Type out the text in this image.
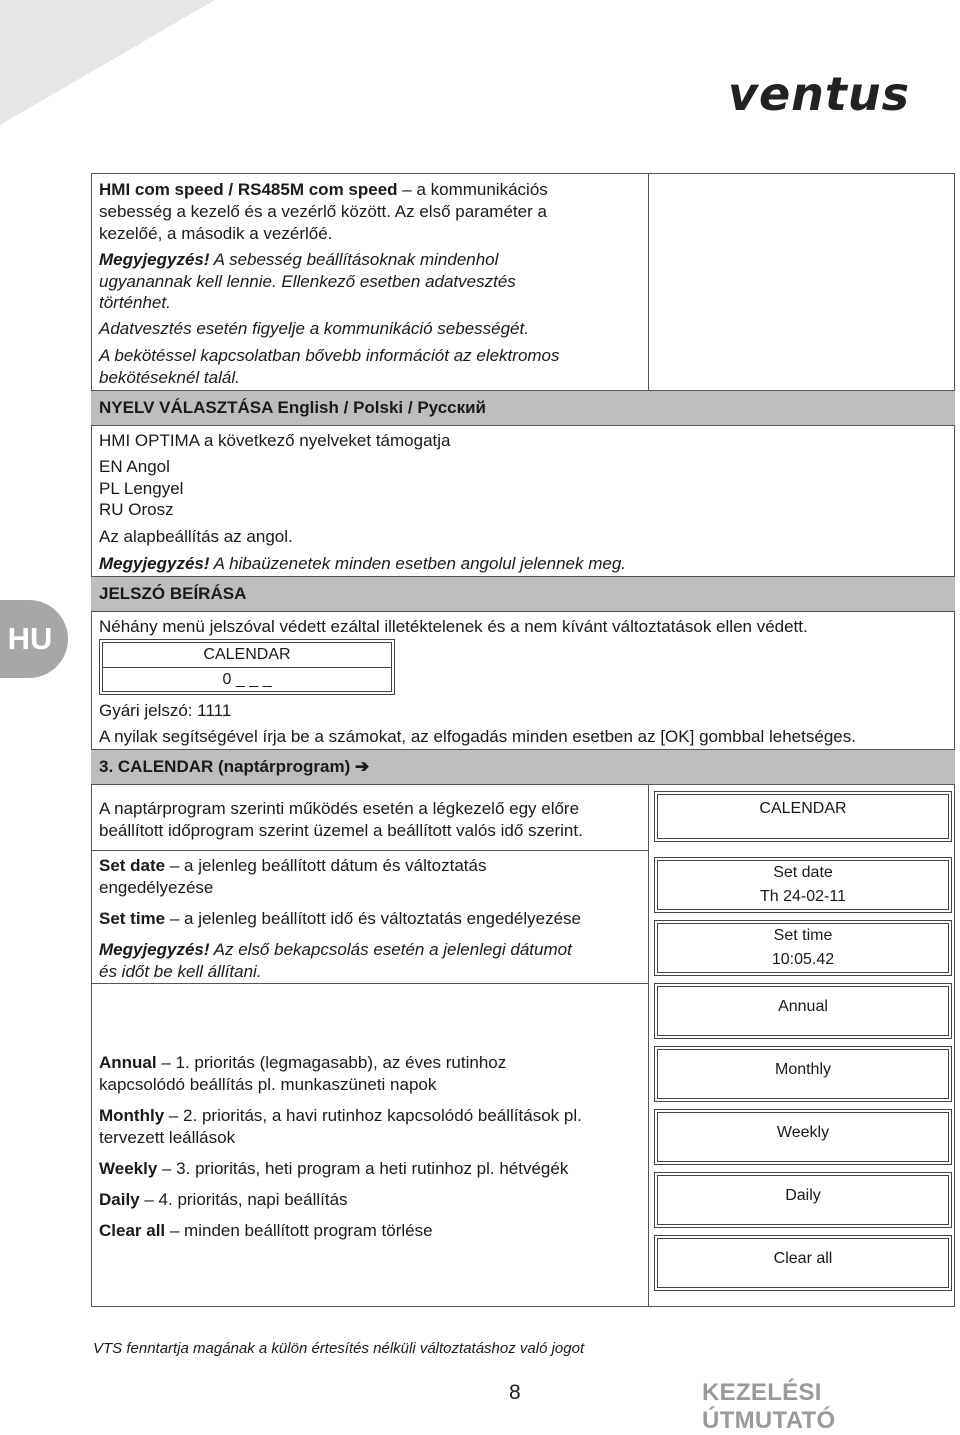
ventus
HU
HMI com speed / RS485M com speed – a kommunikációs
sebesség a kezelő és a vezérlő között. Az első paraméter a
kezelőé, a második a vezérlőé.
Megyjegyzés! A sebesség beállításoknak mindenhol
ugyanannak kell lennie. Ellenkező esetben adatvesztés
történhet.
Adatvesztés esetén figyelje a kommunikáció sebességét.
A bekötéssel kapcsolatban bővebb információt az elektromos
bekötéseknél talál.
NYELV VÁLASZTÁSA English / Polski / Русский
HMI OPTIMA a következő nyelveket támogatja
EN Angol
PL Lengyel
RU Orosz
Az alapbeállítás az angol.
Megyjegyzés! A hibaüzenetek minden esetben angolul jelennek meg.
JELSZÓ BEÍRÁSA
Néhány menü jelszóval védett ezáltal illetéktelenek és a nem kívánt változtatások ellen védett.
CALENDAR
0 _ _ _
Gyári jelszó: 1111
A nyilak segítségével írja be a számokat, az elfogadás minden esetben az [OK] gombbal lehetséges.
3. CALENDAR (naptárprogram) ➔
A naptárprogram szerinti működés esetén a légkezelő egy előre
beállított időprogram szerint üzemel a beállított valós idő szerint.
Set date – a jelenleg beállított dátum és változtatás
engedélyezése
Set time – a jelenleg beállított idő és változtatás engedélyezése
Megyjegyzés! Az első bekapcsolás esetén a jelenlegi dátumot
és időt be kell állítani.
Annual – 1. prioritás (legmagasabb), az éves rutinhoz
kapcsolódó beállítás pl. munkaszüneti napok
Monthly – 2. prioritás, a havi rutinhoz kapcsolódó beállítások pl.
tervezett leállások
Weekly – 3. prioritás, heti program a heti rutinhoz pl. hétvégék
Daily – 4. prioritás, napi beállítás
Clear all – minden beállított program törlése
CALENDAR
Set date
Th 24-02-11
Set time
10:05.42
Annual
Monthly
Weekly
Daily
Clear all
VTS fenntartja magának a külön értesítés nélküli változtatáshoz való jogot
8	KEZELÉSI ÚTMUTATÓ
